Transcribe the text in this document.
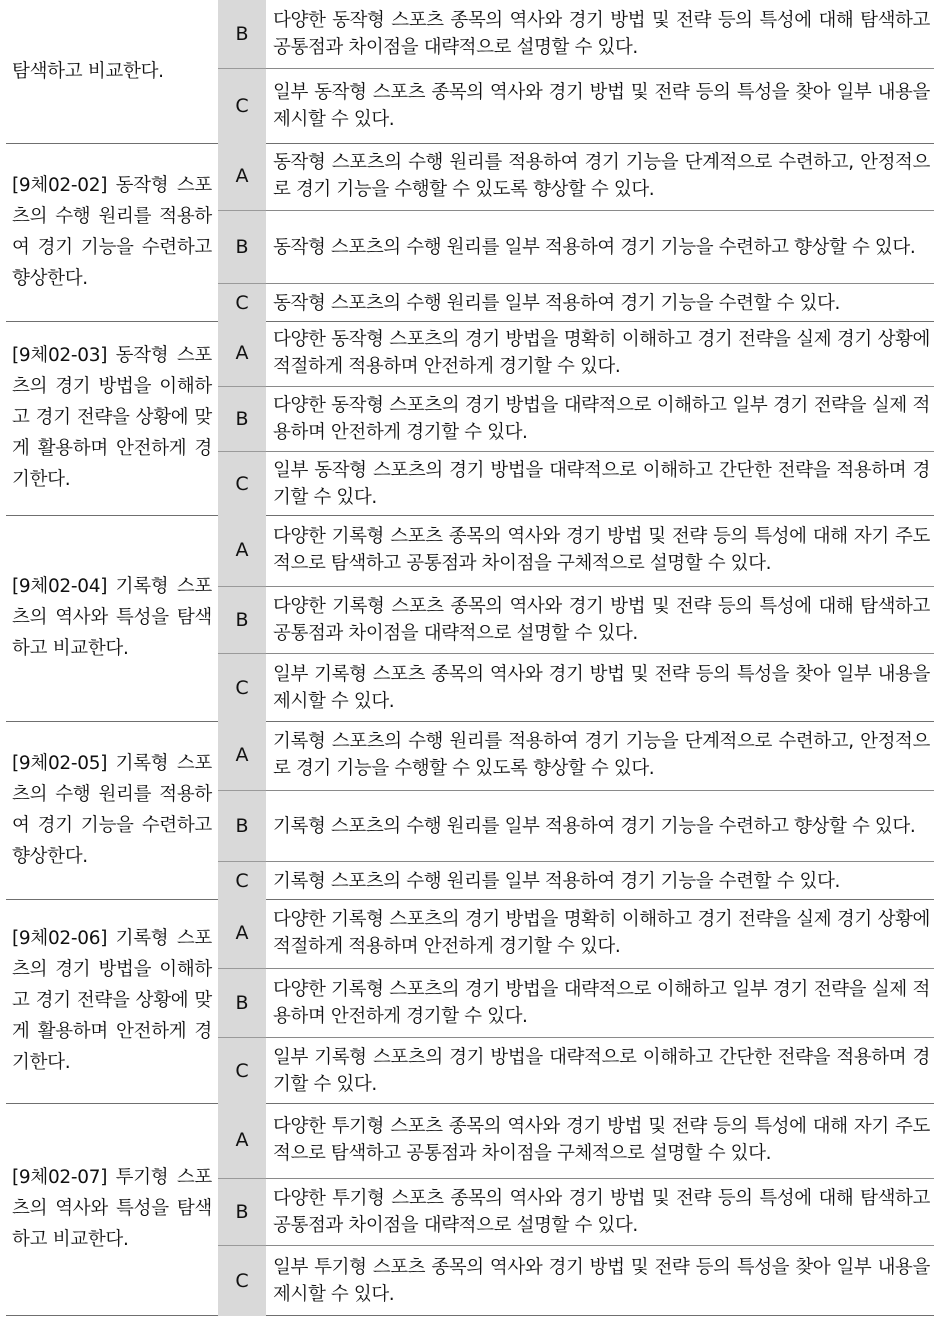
탐색하고 비교한다.
B
다양한 동작형 스포츠 종목의 역사와 경기 방법 및 전략 등의 특성에 대해 탐색하고 공통점과 차이점을 대략적으로 설명할 수 있다.
C
일부 동작형 스포츠 종목의 역사와 경기 방법 및 전략 등의 특성을 찾아 일부 내용을 제시할 수 있다.
[9체02-02] 동작형 스포츠의 수행 원리를 적용하여 경기 기능을 수련하고 향상한다.
A
동작형 스포츠의 수행 원리를 적용하여 경기 기능을 단계적으로 수련하고, 안정적으로 경기 기능을 수행할 수 있도록 향상할 수 있다.
B	동작형 스포츠의 수행 원리를 일부 적용하여 경기 기능을 수련하고 향상할 수 있다.
C	동작형 스포츠의 수행 원리를 일부 적용하여 경기 기능을 수련할 수 있다.
[9체02-03] 동작형 스포츠의 경기 방법을 이해하고 경기 전략을 상황에 맞게 활용하며 안전하게 경기한다.
A
다양한 동작형 스포츠의 경기 방법을 명확히 이해하고 경기 전략을 실제 경기 상황에 적절하게 적용하며 안전하게 경기할 수 있다.
B
다양한 동작형 스포츠의 경기 방법을 대략적으로 이해하고 일부 경기 전략을 실제 적용하며 안전하게 경기할 수 있다.
C
일부 동작형 스포츠의 경기 방법을 대략적으로 이해하고 간단한 전략을 적용하며 경기할 수 있다.
[9체02-04] 기록형 스포츠의 역사와 특성을 탐색하고 비교한다.
A
다양한 기록형 스포츠 종목의 역사와 경기 방법 및 전략 등의 특성에 대해 자기 주도적으로 탐색하고 공통점과 차이점을 구체적으로 설명할 수 있다.
B
다양한 기록형 스포츠 종목의 역사와 경기 방법 및 전략 등의 특성에 대해 탐색하고 공통점과 차이점을 대략적으로 설명할 수 있다.
C
일부 기록형 스포츠 종목의 역사와 경기 방법 및 전략 등의 특성을 찾아 일부 내용을 제시할 수 있다.
[9체02-05] 기록형 스포츠의 수행 원리를 적용하여 경기 기능을 수련하고 향상한다.
A
기록형 스포츠의 수행 원리를 적용하여 경기 기능을 단계적으로 수련하고, 안정적으로 경기 기능을 수행할 수 있도록 향상할 수 있다.
B	기록형 스포츠의 수행 원리를 일부 적용하여 경기 기능을 수련하고 향상할 수 있다.
C	기록형 스포츠의 수행 원리를 일부 적용하여 경기 기능을 수련할 수 있다.
[9체02-06] 기록형 스포츠의 경기 방법을 이해하고 경기 전략을 상황에 맞게 활용하며 안전하게 경기한다.
A
다양한 기록형 스포츠의 경기 방법을 명확히 이해하고 경기 전략을 실제 경기 상황에 적절하게 적용하며 안전하게 경기할 수 있다.
B
다양한 기록형 스포츠의 경기 방법을 대략적으로 이해하고 일부 경기 전략을 실제 적용하며 안전하게 경기할 수 있다.
C
일부 기록형 스포츠의 경기 방법을 대략적으로 이해하고 간단한 전략을 적용하며 경기할 수 있다.
[9체02-07] 투기형 스포츠의 역사와 특성을 탐색하고 비교한다.
A
다양한 투기형 스포츠 종목의 역사와 경기 방법 및 전략 등의 특성에 대해 자기 주도적으로 탐색하고 공통점과 차이점을 구체적으로 설명할 수 있다.
B
다양한 투기형 스포츠 종목의 역사와 경기 방법 및 전략 등의 특성에 대해 탐색하고 공통점과 차이점을 대략적으로 설명할 수 있다.
C
일부 투기형 스포츠 종목의 역사와 경기 방법 및 전략 등의 특성을 찾아 일부 내용을 제시할 수 있다.
